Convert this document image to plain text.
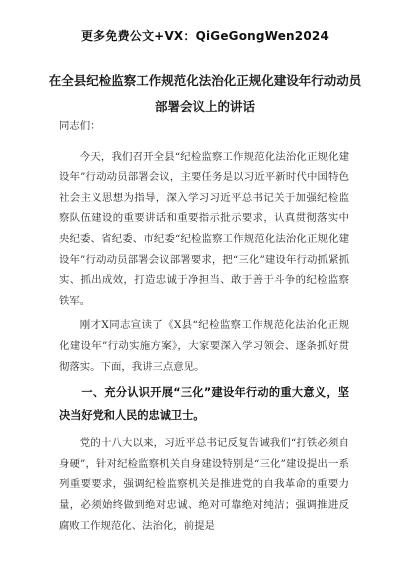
更多免费公文+VX：QiGeGongWen2024
在全县纪检监察工作规范化法治化正规化建设年行动动员
部署会议上的讲话

同志们：

今天，我们召开全县“纪检监察工作规范化法治化正规化建设年”行动动员部署会议，主要任务是以习近平新时代中国特色社会主义思想为指导，深入学习习近平总书记关于加强纪检监察队伍建设的重要讲话和重要指示批示要求，认真贯彻落实中央纪委、省纪委、市纪委“纪检监察工作规范化法治化正规化建设年”行动动员部署会议部署要求，把“三化”建设年行动抓紧抓实、抓出成效，打造忠诚于净担当、敢于善于斗争的纪检监察铁军。

刚才X同志宣读了《X县“纪检监察工作规范化法治化正规化建设年”行动实施方案》，大家要深入学习领会、逐条抓好贯彻落实。下面，我讲三点意见。

一、充分认识开展“三化”建设年行动的重大意义，坚决当好党和人民的忠诚卫士。

党的十八大以来，习近平总书记反复告诫我们“打铁必须自身硬”，针对纪检监察机关自身建设特别是“三化”建设提出一系列重要要求，强调纪检监察机关是推进党的自我革命的重要力量，必须始终做到绝对忠诚、绝对可靠绝对纯洁；强调推进反腐败工作规范化、法治化，前提是
